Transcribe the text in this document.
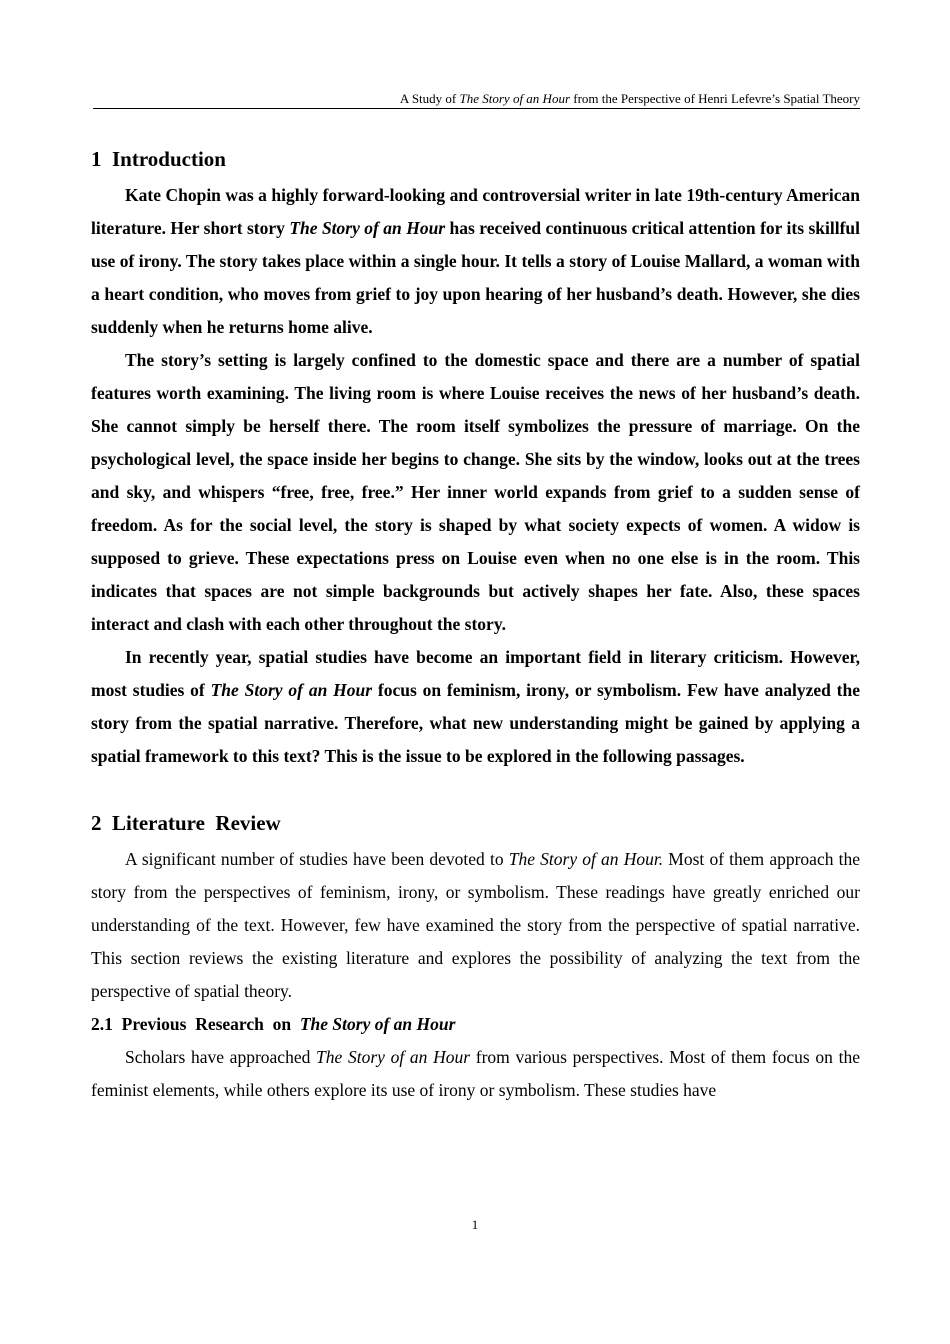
A Study of The Story of an Hour from the Perspective of Henri Lefevre’s Spatial Theory
1  Introduction

Kate Chopin was a highly forward-looking and controversial writer in late 19th-century American literature. Her short story The Story of an Hour has received continuous critical attention for its skillful use of irony. The story takes place within a single hour. It tells a story of Louise Mallard, a woman with a heart condition, who moves from grief to joy upon hearing of her husband’s death. However, she dies suddenly when he returns home alive.

The story’s setting is largely confined to the domestic space and there are a number of spatial features worth examining. The living room is where Louise receives the news of her husband’s death. She cannot simply be herself there. The room itself symbolizes the pressure of marriage. On the psychological level, the space inside her begins to change. She sits by the window, looks out at the trees and sky, and whispers “free, free, free.” Her inner world expands from grief to a sudden sense of freedom. As for the social level, the story is shaped by what society expects of women. A widow is supposed to grieve. These expectations press on Louise even when no one else is in the room. This indicates that spaces are not simple backgrounds but actively shapes her fate. Also, these spaces interact and clash with each other throughout the story.

In recently year, spatial studies have become an important field in literary criticism. However, most studies of The Story of an Hour focus on feminism, irony, or symbolism. Few have analyzed the story from the spatial narrative. Therefore, what new understanding might be gained by applying a spatial framework to this text? This is the issue to be explored in the following passages.

2  Literature  Review

A significant number of studies have been devoted to The Story of an Hour. Most of them approach the story from the perspectives of feminism, irony, or symbolism. These readings have greatly enriched our understanding of the text. However, few have examined the story from the perspective of spatial narrative. This section reviews the existing literature and explores the possibility of analyzing the text from the perspective of spatial theory.

2.1  Previous  Research  on  The Story of an Hour

Scholars have approached The Story of an Hour from various perspectives. Most of them focus on the feminist elements, while others explore its use of irony or symbolism. These studies have

1
